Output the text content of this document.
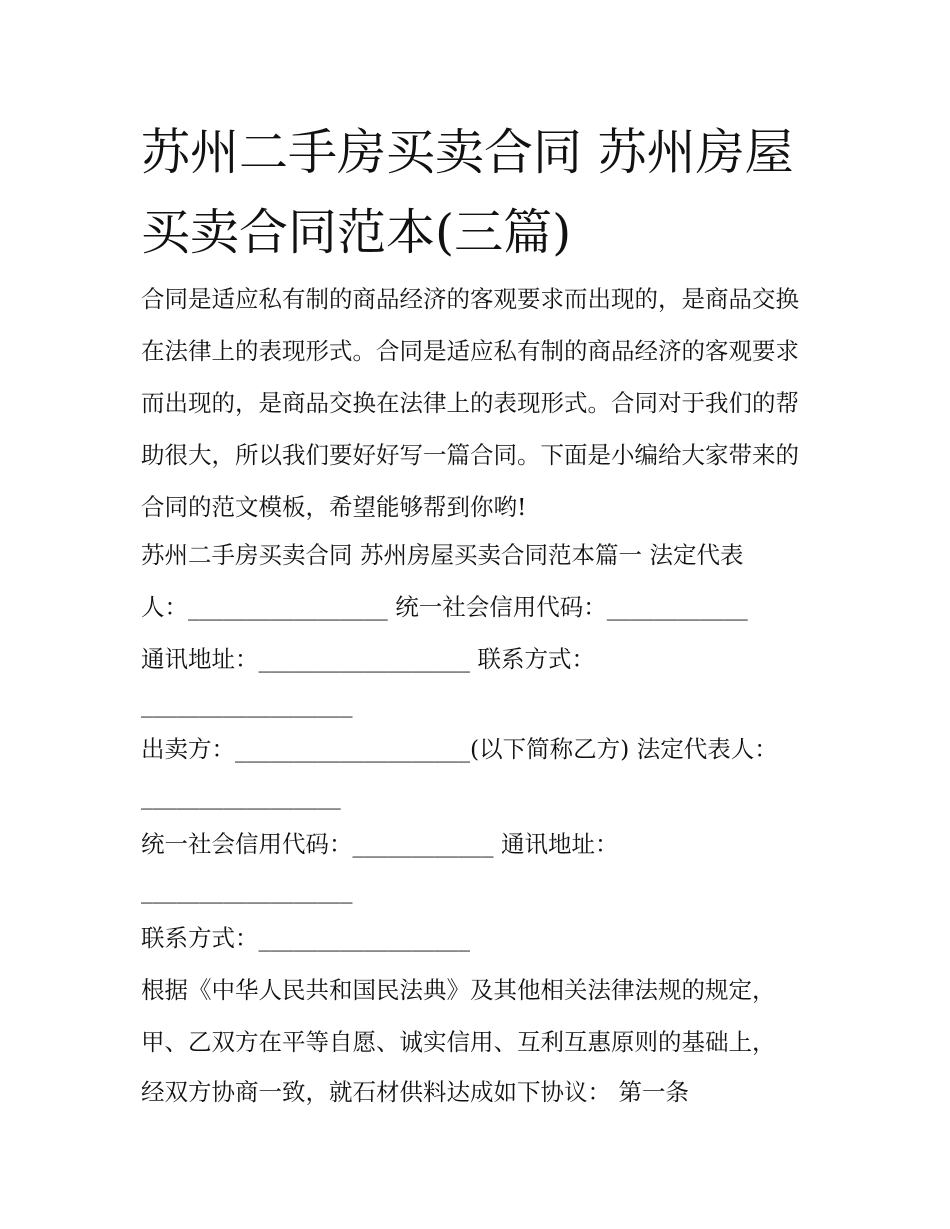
苏州二手房买卖合同 苏州房屋买卖合同范本(三篇)

合同是适应私有制的商品经济的客观要求而出现的，是商品交换在法律上的表现形式。合同是适应私有制的商品经济的客观要求而出现的，是商品交换在法律上的表现形式。合同对于我们的帮助很大，所以我们要好好写一篇合同。下面是小编给大家带来的合同的范文模板，希望能够帮到你哟!

苏州二手房买卖合同 苏州房屋买卖合同范本篇一 法定代表

人：_________________ 统一社会信用代码：____________

通讯地址：__________________ 联系方式：

__________________

出卖方：____________________(以下简称乙方) 法定代表人：

_________________

统一社会信用代码：____________ 通讯地址：

__________________

联系方式：__________________

根据《中华人民共和国民法典》及其他相关法律法规的规定，

甲、乙双方在平等自愿、诚实信用、互利互惠原则的基础上，

经双方协商一致，就石材供料达成如下协议： 第一条
